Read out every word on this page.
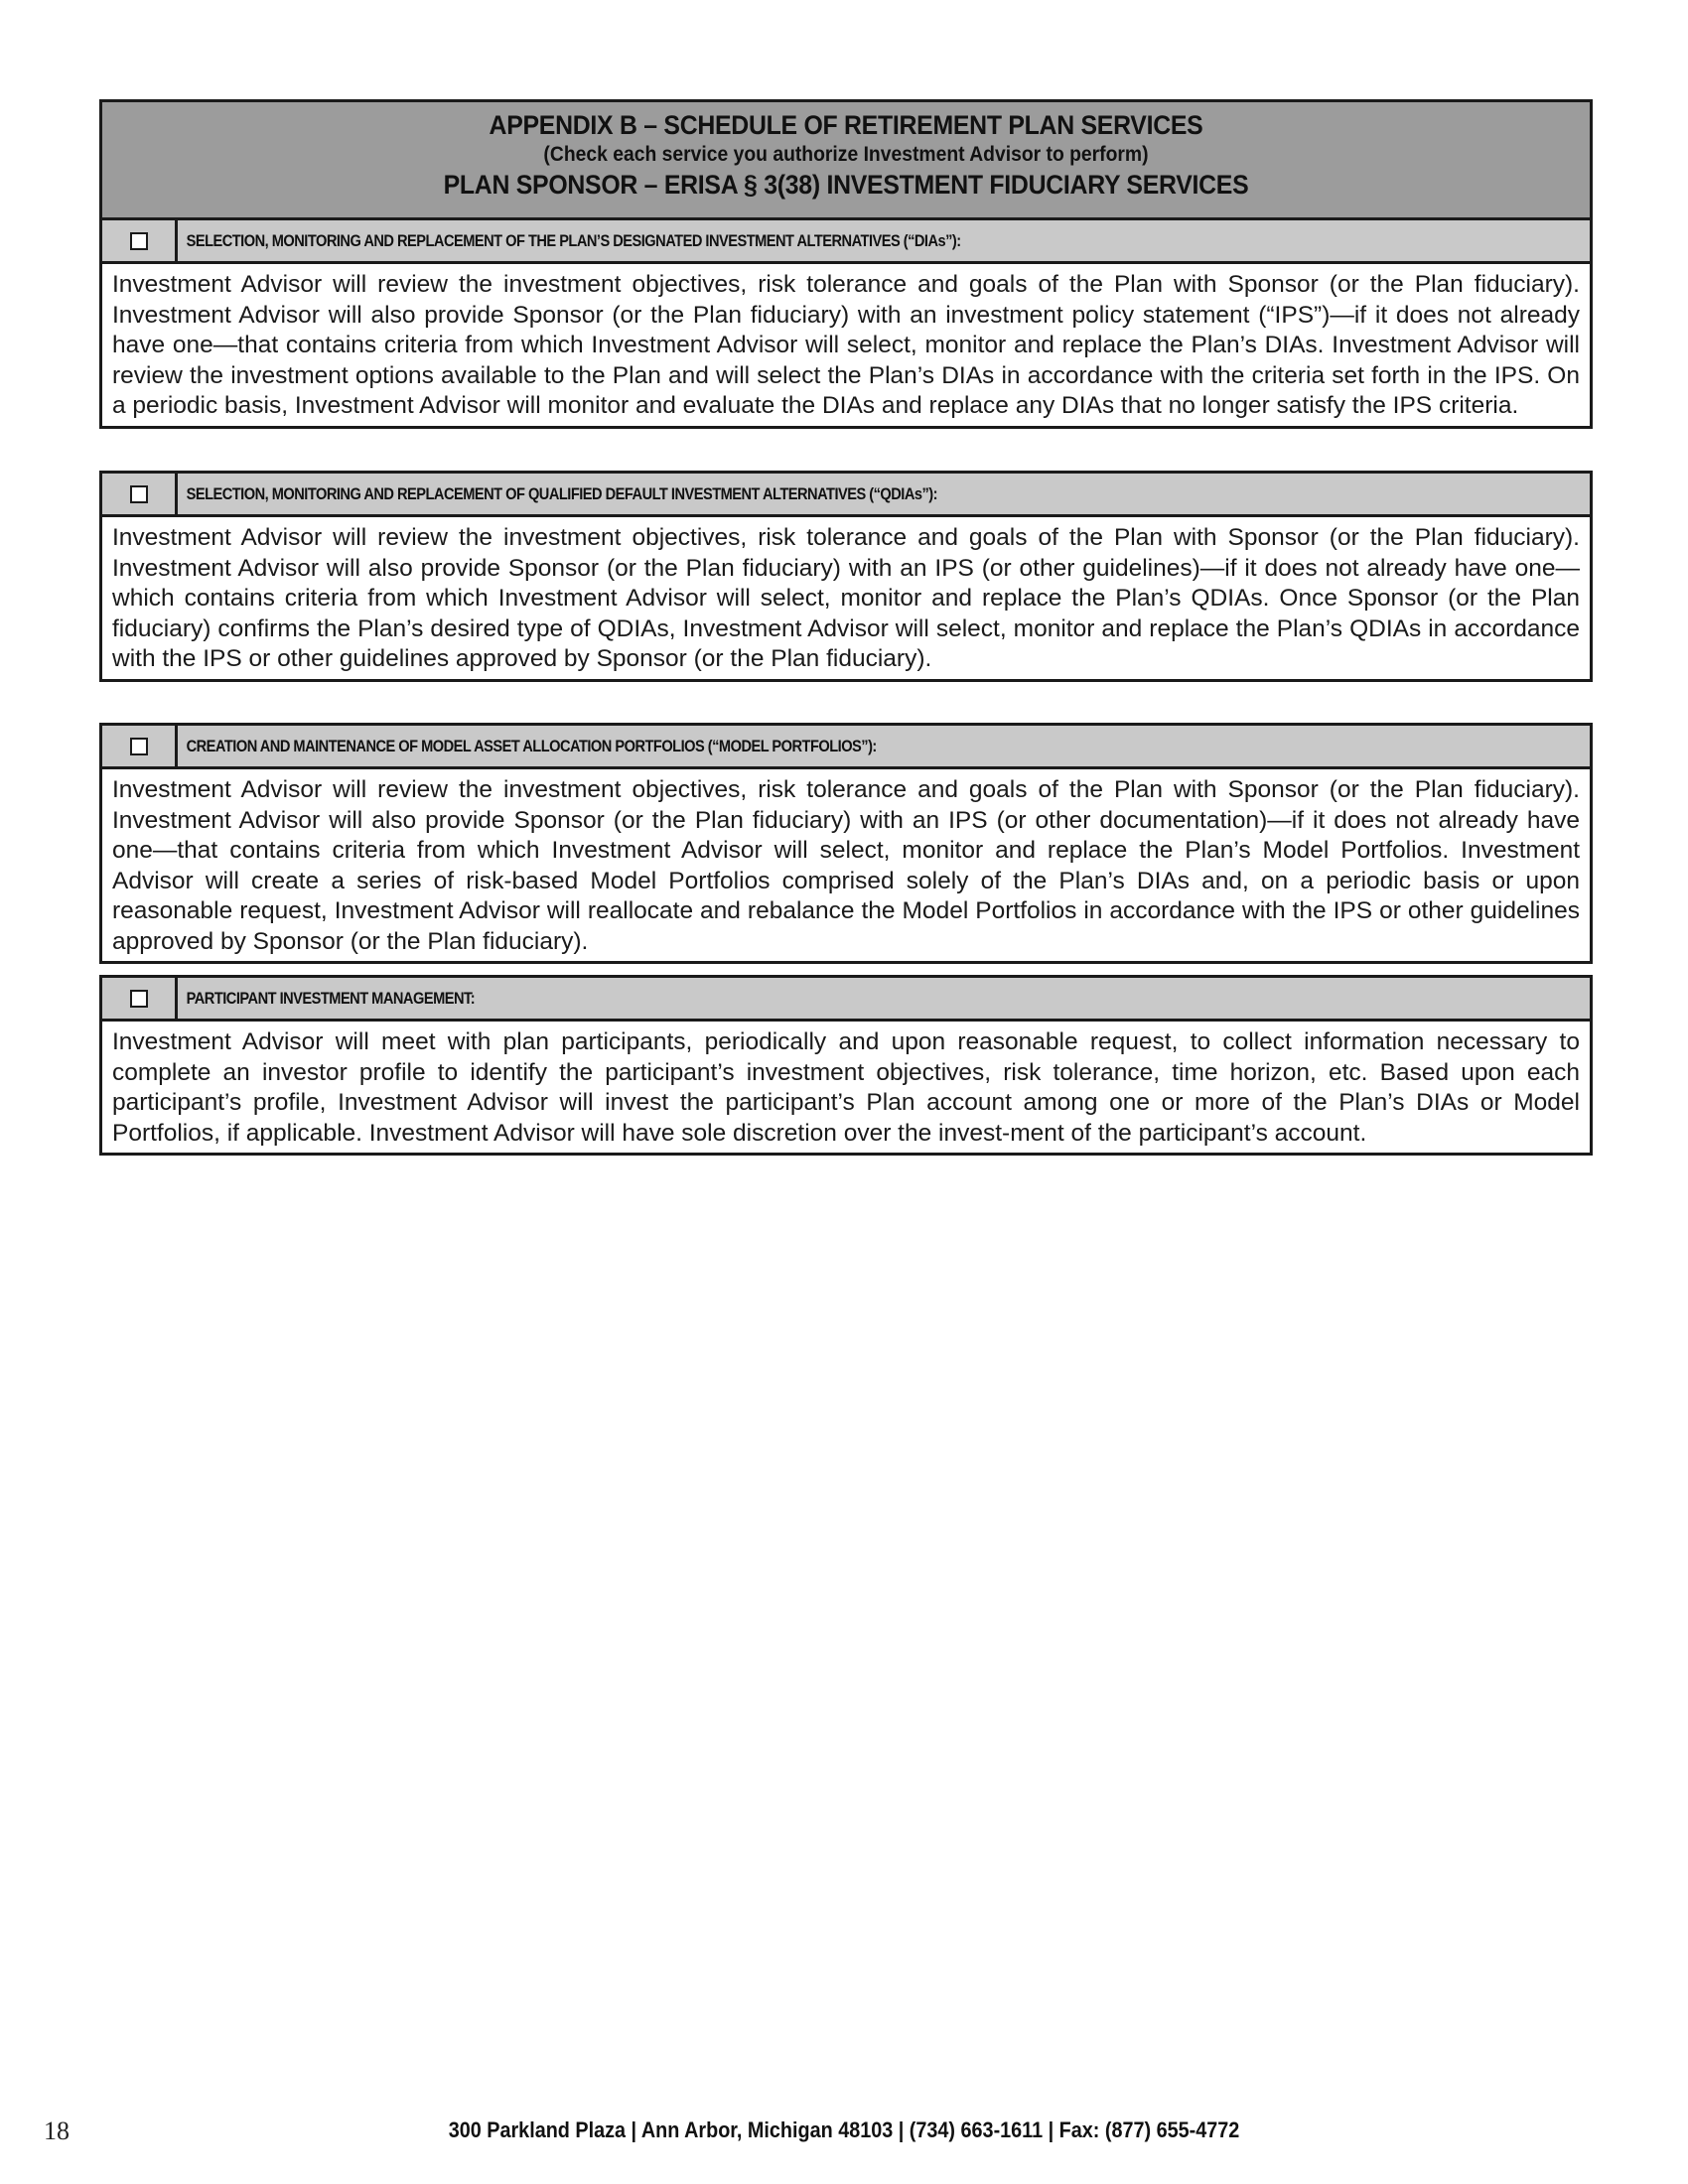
APPENDIX B – SCHEDULE OF RETIREMENT PLAN SERVICES
(Check each service you authorize Investment Advisor to perform)
PLAN SPONSOR – ERISA § 3(38) INVESTMENT FIDUCIARY SERVICES
SELECTION, MONITORING AND REPLACEMENT OF THE PLAN’S DESIGNATED INVESTMENT ALTERNATIVES (“DIAs”):
Investment Advisor will review the investment objectives, risk tolerance and goals of the Plan with Sponsor (or the Plan fiduciary). Investment Advisor will also provide Sponsor (or the Plan fiduciary) with an investment policy statement (“IPS”)—if it does not already have one—that contains criteria from which Investment Advisor will select, monitor and replace the Plan’s DIAs. Investment Advisor will review the investment options available to the Plan and will select the Plan’s DIAs in accordance with the criteria set forth in the IPS. On a periodic basis, Investment Advisor will monitor and evaluate the DIAs and replace any DIAs that no longer satisfy the IPS criteria.
SELECTION, MONITORING AND REPLACEMENT OF QUALIFIED DEFAULT INVESTMENT ALTERNATIVES (“QDIAs”):
Investment Advisor will review the investment objectives, risk tolerance and goals of the Plan with Sponsor (or the Plan fiduciary). Investment Advisor will also provide Sponsor (or the Plan fiduciary) with an IPS (or other guidelines)—if it does not already have one—which contains criteria from which Investment Advisor will select, monitor and replace the Plan’s QDIAs. Once Sponsor (or the Plan fiduciary) confirms the Plan’s desired type of QDIAs, Investment Advisor will select, monitor and replace the Plan’s QDIAs in accordance with the IPS or other guidelines approved by Sponsor (or the Plan fiduciary).
CREATION AND MAINTENANCE OF MODEL ASSET ALLOCATION PORTFOLIOS (“MODEL PORTFOLIOS”):
Investment Advisor will review the investment objectives, risk tolerance and goals of the Plan with Sponsor (or the Plan fiduciary). Investment Advisor will also provide Sponsor (or the Plan fiduciary) with an IPS (or other documentation)—if it does not already have one—that contains criteria from which Investment Advisor will select, monitor and replace the Plan’s Model Portfolios. Investment Advisor will create a series of risk-based Model Portfolios comprised solely of the Plan’s DIAs and, on a periodic basis or upon reasonable request, Investment Advisor will reallocate and rebalance the Model Portfolios in accordance with the IPS or other guidelines approved by Sponsor (or the Plan fiduciary).
PARTICIPANT INVESTMENT MANAGEMENT:
Investment Advisor will meet with plan participants, periodically and upon reasonable request, to collect information necessary to complete an investor profile to identify the participant’s investment objectives, risk tolerance, time horizon, etc. Based upon each participant’s profile, Investment Advisor will invest the participant’s Plan account among one or more of the Plan’s DIAs or Model Portfolios, if applicable. Investment Advisor will have sole discretion over the invest-ment of the participant’s account.
18	300 Parkland Plaza | Ann Arbor, Michigan 48103 | (734) 663-1611 | Fax: (877) 655-4772
